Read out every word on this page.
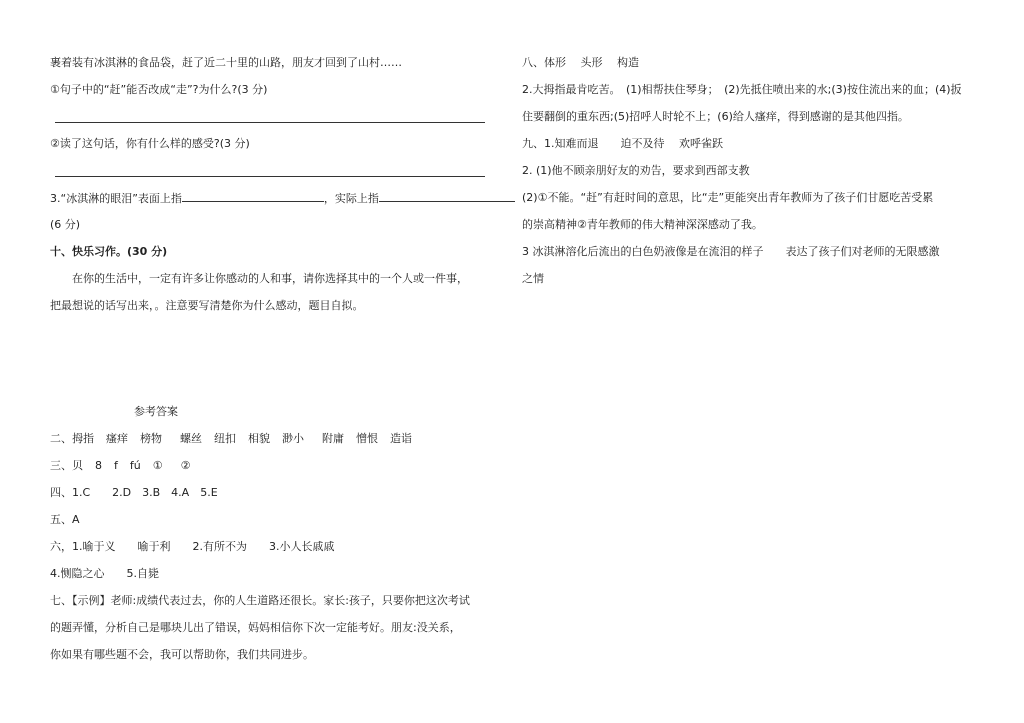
裹着装有冰淇淋的食品袋，赶了近二十里的山路，朋友才回到了山村……
①句子中的“赶”能否改成“走”?为什么?(3 分)
②读了这句话，你有什么样的感受?(3 分)
3.“冰淇淋的眼泪”表面上指	，实际上指
(6 分)
十、快乐习作。(30 分)
在你的生活中，一定有许多让你感动的人和事，请你选择其中的一个人或一件事，
把最想说的话写出来，。注意要写清楚你为什么感动，题目自拟。
参考答案
二、拇指 瘙痒 榜物 螺丝 纽扣 相貌 渺小 附庸 憎恨 造诣
三、贝 8 f fú ① ②
四、1.C　　2.D　3.B　4.A　5.E
五、A
六，1.喻于义　　喻于利　　2.有所不为　　3.小人长戚戚
4.恻隐之心　　5.自毙
七、【示例】老师:成绩代表过去，你的人生道路还很长。家长:孩子，只要你把这次考试
的题弄懂，分析自己是哪块儿出了错误，妈妈相信你下次一定能考好。朋友:没关系，
你如果有哪些题不会，我可以帮助你，我们共同进步。
八、体形　 头形　 构造
2.大拇指最肯吃苦。　(1)相帮扶住琴身；　(2)先抵住喷出来的水;(3)按住流出来的血；(4)扳
住要翻倒的重东西;(5)招呼人时轮不上；(6)给人瘙痒，得到感谢的是其他四指。
九、1.知难而退　　迫不及待　 欢呼雀跃
2. (1)他不顾亲朋好友的劝告，要求到西部支教
(2)①不能。“赶”有赶时间的意思，比“走”更能突出青年教师为了孩子们甘愿吃苦受累
的崇高精神②青年教师的伟大精神深深感动了我。
3 冰淇淋溶化后流出的白色奶液像是在流泪的样子　　表达了孩子们对老师的无限感激
之情
